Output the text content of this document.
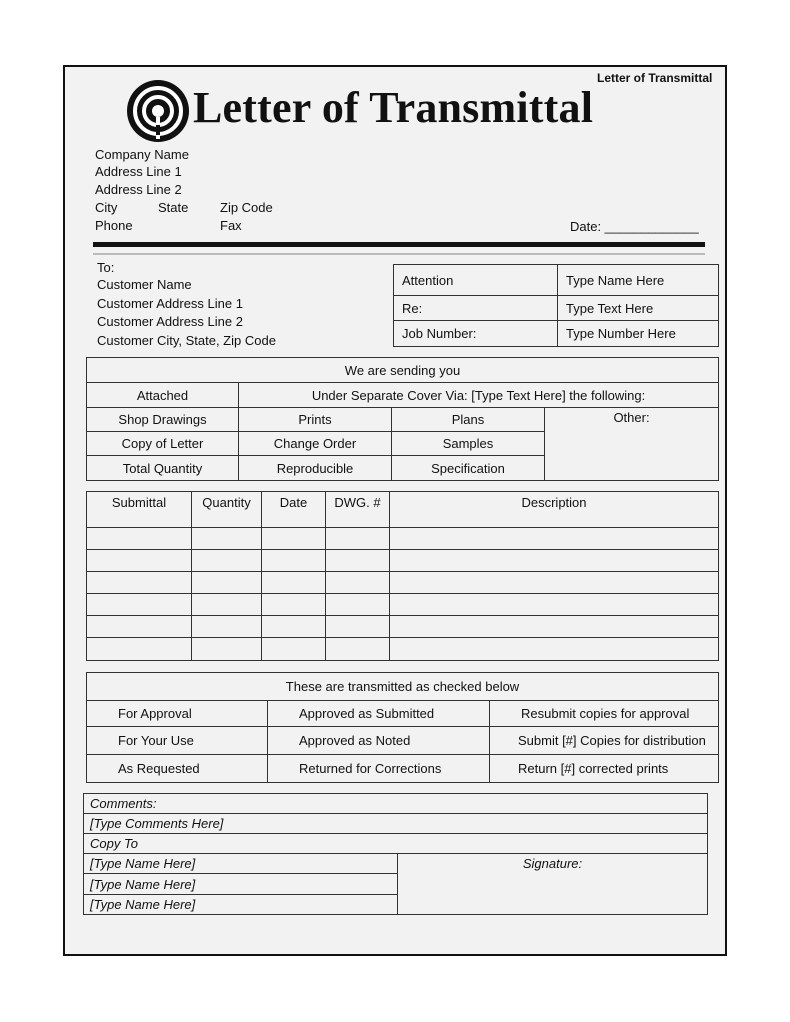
Letter of Transmittal
Letter of Transmittal
Company Name
Address Line 1
Address Line 2
City	State Zip Code
Phone	Fax	Date: _____________
To:
Customer Name
Customer Address Line 1
Customer Address Line 2
Customer City, State, Zip Code
Attention	Type Name Here
Re:	Type Text Here
Job Number:	Type Number Here
We are sending you			
Attached	Under Separate Cover Via: [Type Text Here] the following:		
Shop Drawings	Prints	Plans	Other:
Copy of Letter	Change Order	Samples	
Total Quantity	Reproducible	Specification	
Submittal	Quantity	Date	DWG. #	Description

These are transmitted as checked below		
For Approval	Approved as Submitted	Resubmit copies for approval
For Your Use	Approved as Noted	Submit [#] Copies for distribution
As Requested	Returned for Corrections	Return [#] corrected prints
Comments:
[Type Comments Here]
Copy To
[Type Name Here]	Signature:
[Type Name Here]
[Type Name Here]
